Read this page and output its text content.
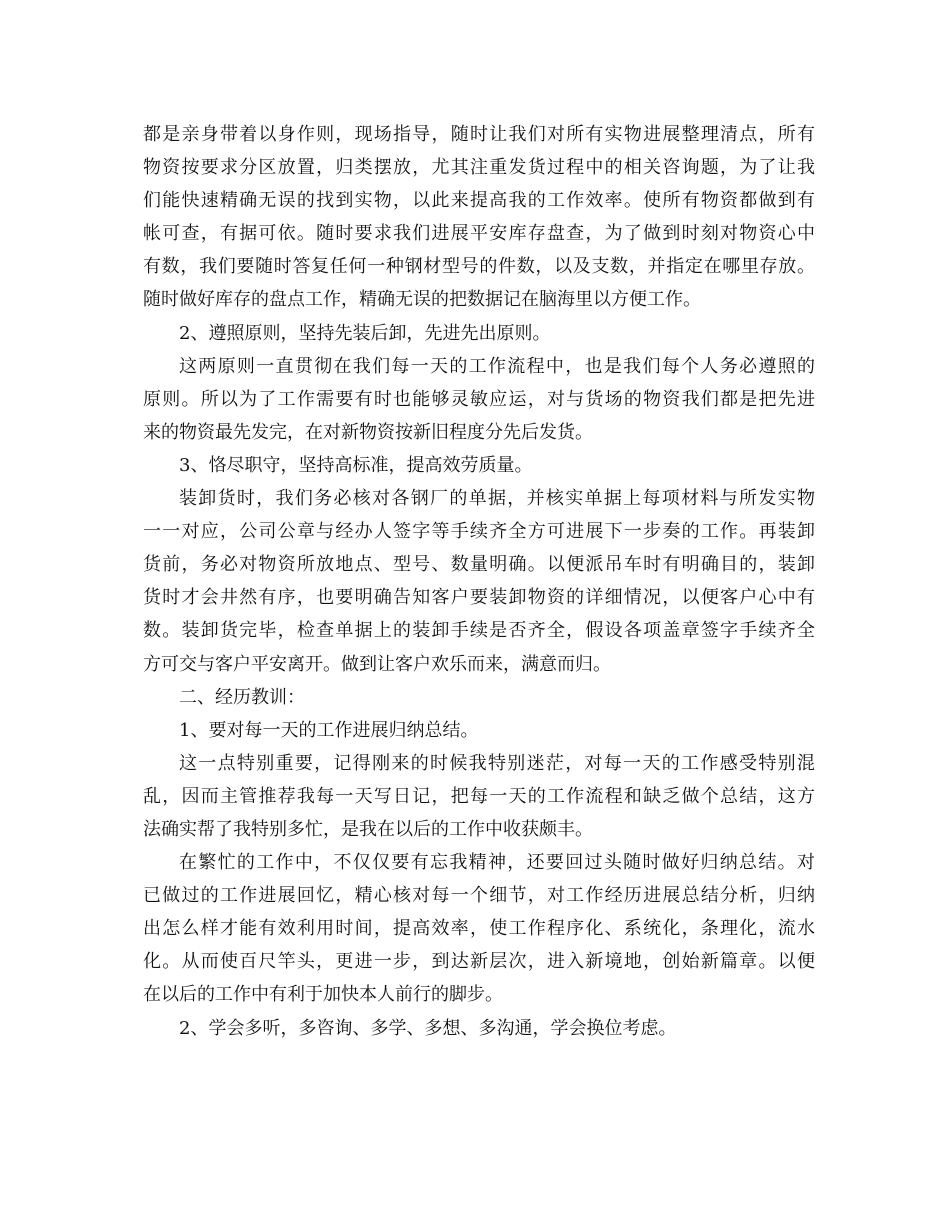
都是亲身带着以身作则，现场指导，随时让我们对所有实物进展整理清点，所有
物资按要求分区放置，归类摆放，尤其注重发货过程中的相关咨询题，为了让我
们能快速精确无误的找到实物，以此来提高我的工作效率。使所有物资都做到有
帐可查，有据可依。随时要求我们进展平安库存盘查，为了做到时刻对物资心中
有数，我们要随时答复任何一种钢材型号的件数，以及支数，并指定在哪里存放。
随时做好库存的盘点工作，精确无误的把数据记在脑海里以方便工作。
2、遵照原则，坚持先装后卸，先进先出原则。
这两原则一直贯彻在我们每一天的工作流程中，也是我们每个人务必遵照的
原则。所以为了工作需要有时也能够灵敏应运，对与货场的物资我们都是把先进
来的物资最先发完，在对新物资按新旧程度分先后发货。
3、恪尽职守，坚持高标准，提高效劳质量。
装卸货时，我们务必核对各钢厂的单据，并核实单据上每项材料与所发实物
一一对应，公司公章与经办人签字等手续齐全方可进展下一步奏的工作。再装卸
货前，务必对物资所放地点、型号、数量明确。以便派吊车时有明确目的，装卸
货时才会井然有序，也要明确告知客户要装卸物资的详细情况，以便客户心中有
数。装卸货完毕，检查单据上的装卸手续是否齐全，假设各项盖章签字手续齐全
方可交与客户平安离开。做到让客户欢乐而来，满意而归。
二、经历教训：
1、要对每一天的工作进展归纳总结。
这一点特别重要，记得刚来的时候我特别迷茫，对每一天的工作感受特别混
乱，因而主管推荐我每一天写日记，把每一天的工作流程和缺乏做个总结，这方
法确实帮了我特别多忙，是我在以后的工作中收获颇丰。
在繁忙的工作中，不仅仅要有忘我精神，还要回过头随时做好归纳总结。对
已做过的工作进展回忆，精心核对每一个细节，对工作经历进展总结分析，归纳
出怎么样才能有效利用时间，提高效率，使工作程序化、系统化，条理化，流水
化。从而使百尺竿头，更进一步，到达新层次，进入新境地，创始新篇章。以便
在以后的工作中有利于加快本人前行的脚步。
2、学会多听，多咨询、多学、多想、多沟通，学会换位考虑。
